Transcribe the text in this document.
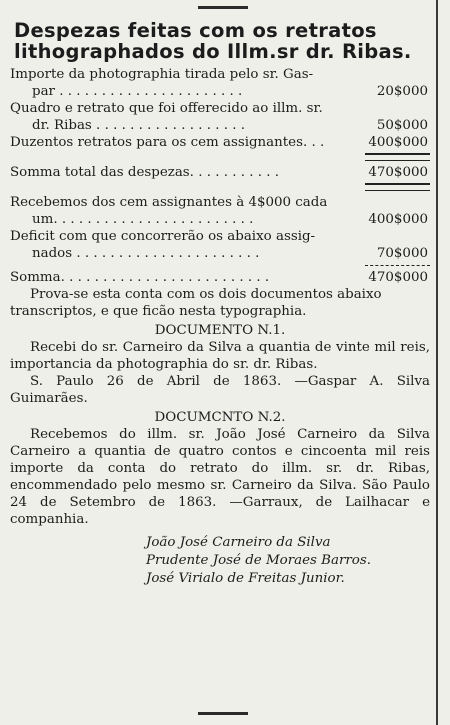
Despezas feitas com os retratos
lithographados do Illm.sr dr. Ribas.
Importe da photographia tirada pelo sr. Gas-
par . . . . . . . . . . . . . . . . . . . . . .	20$000
Quadro e retrato que foi offerecido ao illm. sr.
dr. Ribas . . . . . . . . . . . . . . . . . .	50$000
Duzentos retratos para os cem assignantes. . .	400$000
Somma total das despezas. . . . . . . . . . .	470$000
Recebemos dos cem assignantes à 4$000 cada
um. . . . . . . . . . . . . . . . . . . . . . . .	400$000
Deficit com que concorrerão os abaixo assig-
nados . . . . . . . . . . . . . . . . . . . . . .	70$000
Somma. . . . . . . . . . . . . . . . . . . . . . . . .	470$000
Prova-se esta conta com os dois documentos abaixo transcriptos, e que ficão nesta typographia.
DOCUMENTO N.1.
Recebi do sr. Carneiro da Silva a quantia de vinte mil reis, importancia da photographia do sr. dr. Ribas.
S. Paulo 26 de Abril de 1863. —Gaspar A. Silva Guimarães.
DOCUMCNTO N.2.
Recebemos do illm. sr. João José Carneiro da Silva Carneiro a quantia de quatro contos e cincoenta mil reis importe da conta do retrato do illm. sr. dr. Ribas, encommendado pelo mesmo sr. Carneiro da Silva. São Paulo 24 de Setembro de 1863. —Garraux, de Lailhacar e companhia.
João José Carneiro da Silva
Prudente José de Moraes Barros.
José Virialo de Freitas Junior.
